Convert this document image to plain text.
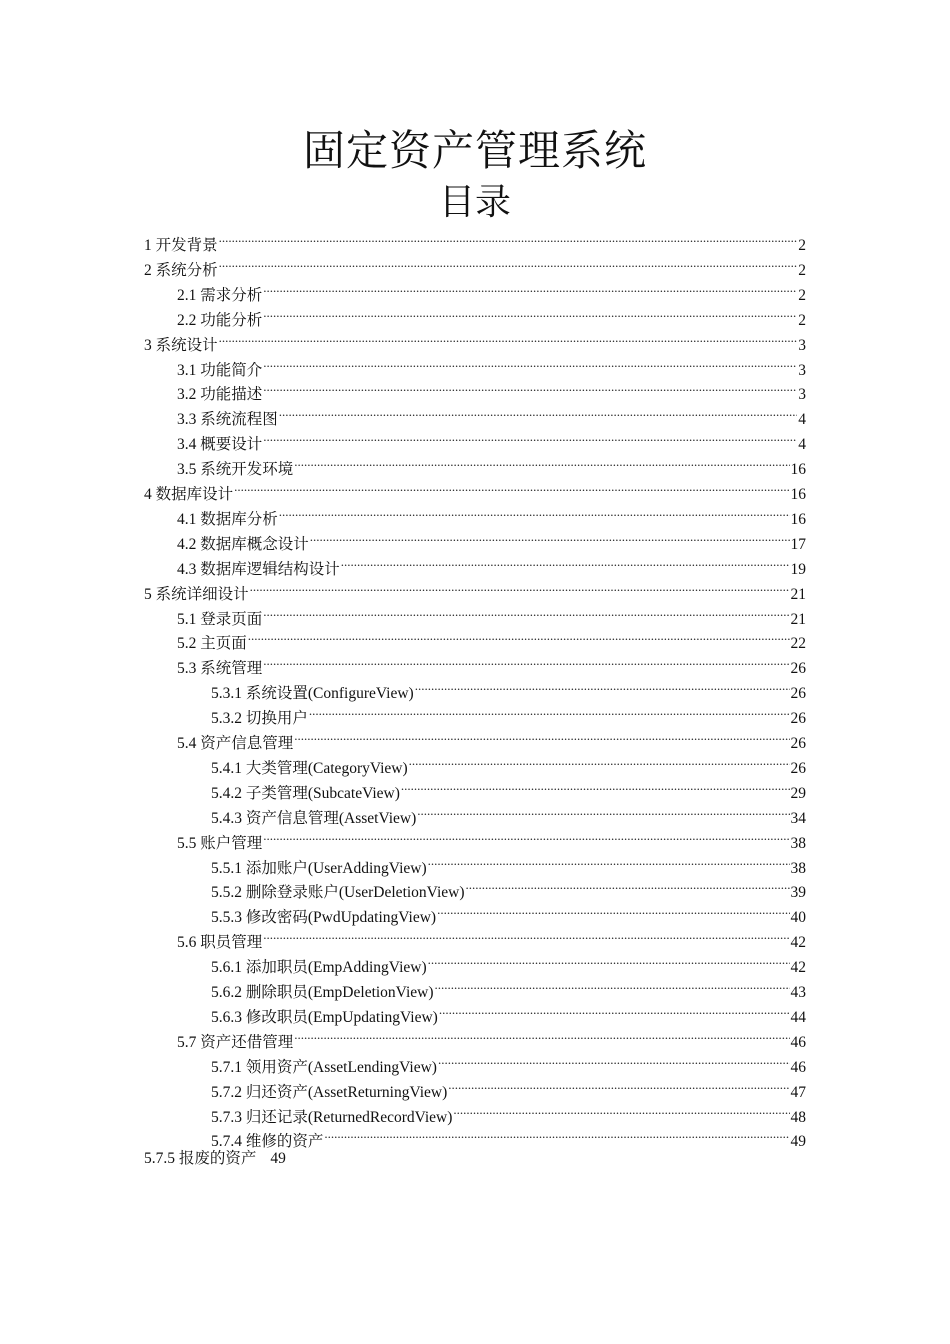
固定资产管理系统
目录
1 开发背景 .....	2
2 系统分析 .....	2
2.1 需求分析 .....	2
2.2 功能分析 .....	2
3 系统设计 .....	3
3.1 功能简介 .....	3
3.2 功能描述 .....	3
3.3 系统流程图 .....	4
3.4 概要设计 .....	4
3.5 系统开发环境 .....	16
4 数据库设计 .....	16
4.1 数据库分析 .....	16
4.2 数据库概念设计 .....	17
4.3 数据库逻辑结构设计 .....	19
5 系统详细设计 .....	21
5.1 登录页面 .....	21
5.2 主页面 .....	22
5.3 系统管理 .....	26
5.3.1 系统设置(ConfigureView) .....	26
5.3.2 切换用户 .....	26
5.4 资产信息管理 .....	26
5.4.1 大类管理(CategoryView) .....	26
5.4.2 子类管理(SubcateView) .....	29
5.4.3 资产信息管理(AssetView) .....	34
5.5 账户管理 .....	38
5.5.1 添加账户(UserAddingView) .....	38
5.5.2 删除登录账户(UserDeletionView) .....	39
5.5.3 修改密码(PwdUpdatingView) .....	40
5.6 职员管理 .....	42
5.6.1 添加职员(EmpAddingView) .....	42
5.6.2 删除职员(EmpDeletionView) .....	43
5.6.3 修改职员(EmpUpdatingView) .....	44
5.7 资产还借管理 .....	46
5.7.1 领用资产(AssetLendingView) .....	46
5.7.2 归还资产(AssetReturningView) .....	47
5.7.3 归还记录(ReturnedRecordView) .....	48
5.7.4 维修的资产 .....	49
5.7.5 报废的资产 49
